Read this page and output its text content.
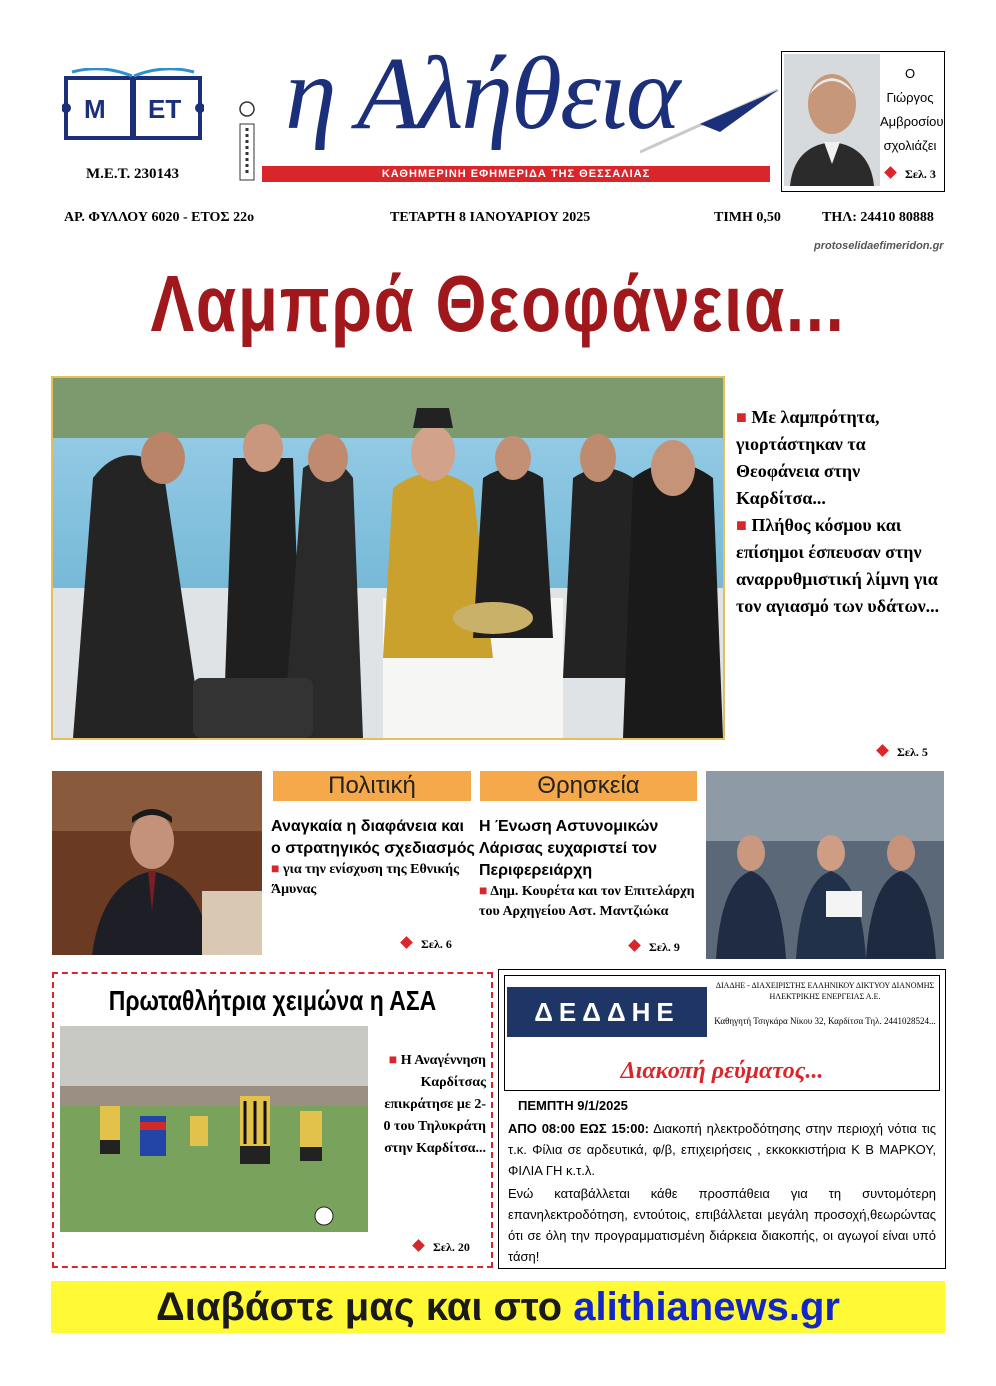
Μ ΕΤ
Μ.Ε.Τ. 230143
η Αλήθεια
ΚΑΘΗΜΕΡΙΝΗ ΕΦΗΜΕΡΙΔΑ ΤΗΣ ΘΕΣΣΑΛΙΑΣ
Ο Γιώργος
Αμβροσίου
σχολιάζει
Σελ. 3
ΑΡ. ΦΥΛΛΟΥ 6020 - ΕΤΟΣ 22ο	ΤΕΤΑΡΤΗ 8 ΙΑΝΟΥΑΡΙΟΥ 2025	ΤΙΜΗ 0,50	ΤΗΛ: 24410 80888
protoselidaefimeridon.gr
Λαμπρά Θεοφάνεια...
■ Με λαμπρότητα, γιορτάστηκαν τα Θεοφάνεια στην Καρδίτσα...
■ Πλήθος κόσμου και επίσημοι έσπευσαν στην αναρρυθμιστική λίμνη για τον αγιασμό των υδάτων...
Σελ. 5
Πολιτική	Θρησκεία
Αναγκαία η διαφάνεια και ο στρατηγικός σχεδιασμός
■ για την ενίσχυση της Εθνικής Άμυνας
Σελ. 6
Η Ένωση Αστυνομικών Λάρισας ευχαριστεί τον Περιφερειάρχη
■ Δημ. Κουρέτα και τον Επιτελάρχη του Αρχηγείου Αστ. Μαντζιώκα
Σελ. 9
Πρωταθλήτρια χειμώνα η ΑΣΑ
■ Η Αναγέννηση Καρδίτσας επικράτησε με 2-0 του Τηλυκράτη στην Καρδίτσα...
Σελ. 20
ΔΕΔΔΗΕ
ΔΙΑΔΗΕ - ΔΙΑΧΕΙΡΙΣΤΗΣ ΕΛΛΗΝΙΚΟΥ ΔΙΚΤΥΟΥ ΔΙΑΝΟΜΗΣ ΗΛΕΚΤΡΙΚΗΣ ΕΝΕΡΓΕΙΑΣ Α.Ε.
Καθηγητή Τσιγκάρα Νίκου 32, Καρδίτσα Τηλ. 2441028524...
Διακοπή ρεύματος...
ΠΕΜΠΤΗ 9/1/2025
ΑΠΟ 08:00 ΕΩΣ 15:00: Διακοπή ηλεκτροδότησης στην περιοχή νότια τις τ.κ. Φίλια σε αρδευτικά, φ/β, επιχειρήσεις , εκκοκκιστήρια Κ Β ΜΑΡΚΟΥ, ΦΙΛΙΑ ΓΗ κ.τ.λ.
Ενώ καταβάλλεται κάθε προσπάθεια για τη συντομότερη επανηλεκτροδότηση, εντούτοις, επιβάλλεται μεγάλη προσοχή,θεωρώντας ότι σε όλη την προγραμματισμένη διάρκεια διακοπής, οι αγωγοί είναι υπό τάση!
Διαβάστε μας και στο alithianews.gr
